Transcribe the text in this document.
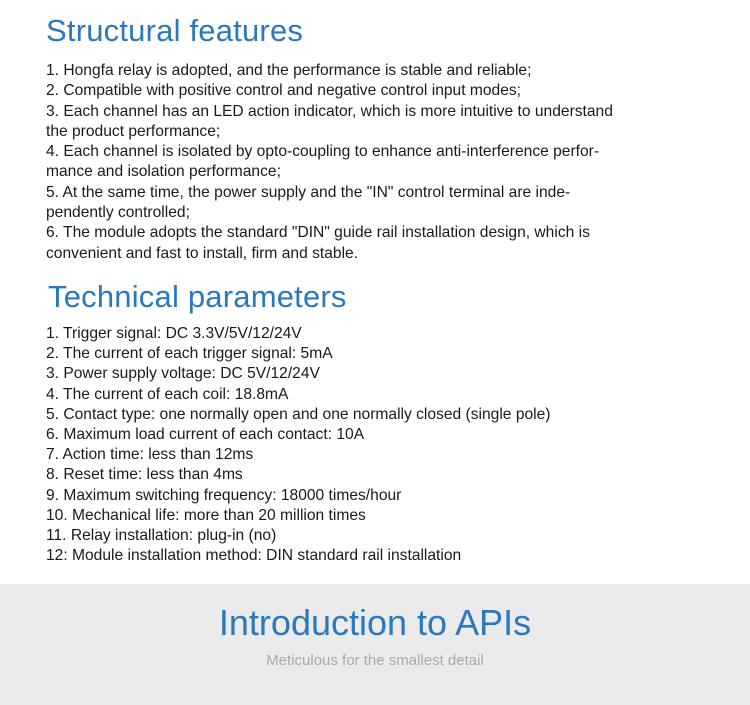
Structural features
1. Hongfa relay is adopted, and the performance is stable and reliable;
2. Compatible with positive control and negative control input modes;
3. Each channel has an LED action indicator, which is more intuitive to understand
the product performance;
4. Each channel is isolated by opto-coupling to enhance anti-interference perfor-
mance and isolation performance;
5. At the same time, the power supply and the "IN" control terminal are inde-
pendently controlled;
6. The module adopts the standard "DIN" guide rail installation design, which is
convenient and fast to install, firm and stable.
Technical parameters
1. Trigger signal: DC 3.3V/5V/12/24V
2. The current of each trigger signal: 5mA
3. Power supply voltage: DC 5V/12/24V
4. The current of each coil: 18.8mA
5. Contact type: one normally open and one normally closed (single pole)
6. Maximum load current of each contact: 10A
7. Action time: less than 12ms
8. Reset time: less than 4ms
9. Maximum switching frequency: 18000 times/hour
10. Mechanical life: more than 20 million times
11. Relay installation: plug-in (no)
12: Module installation method: DIN standard rail installation
Introduction to APIs
Meticulous for the smallest detail
